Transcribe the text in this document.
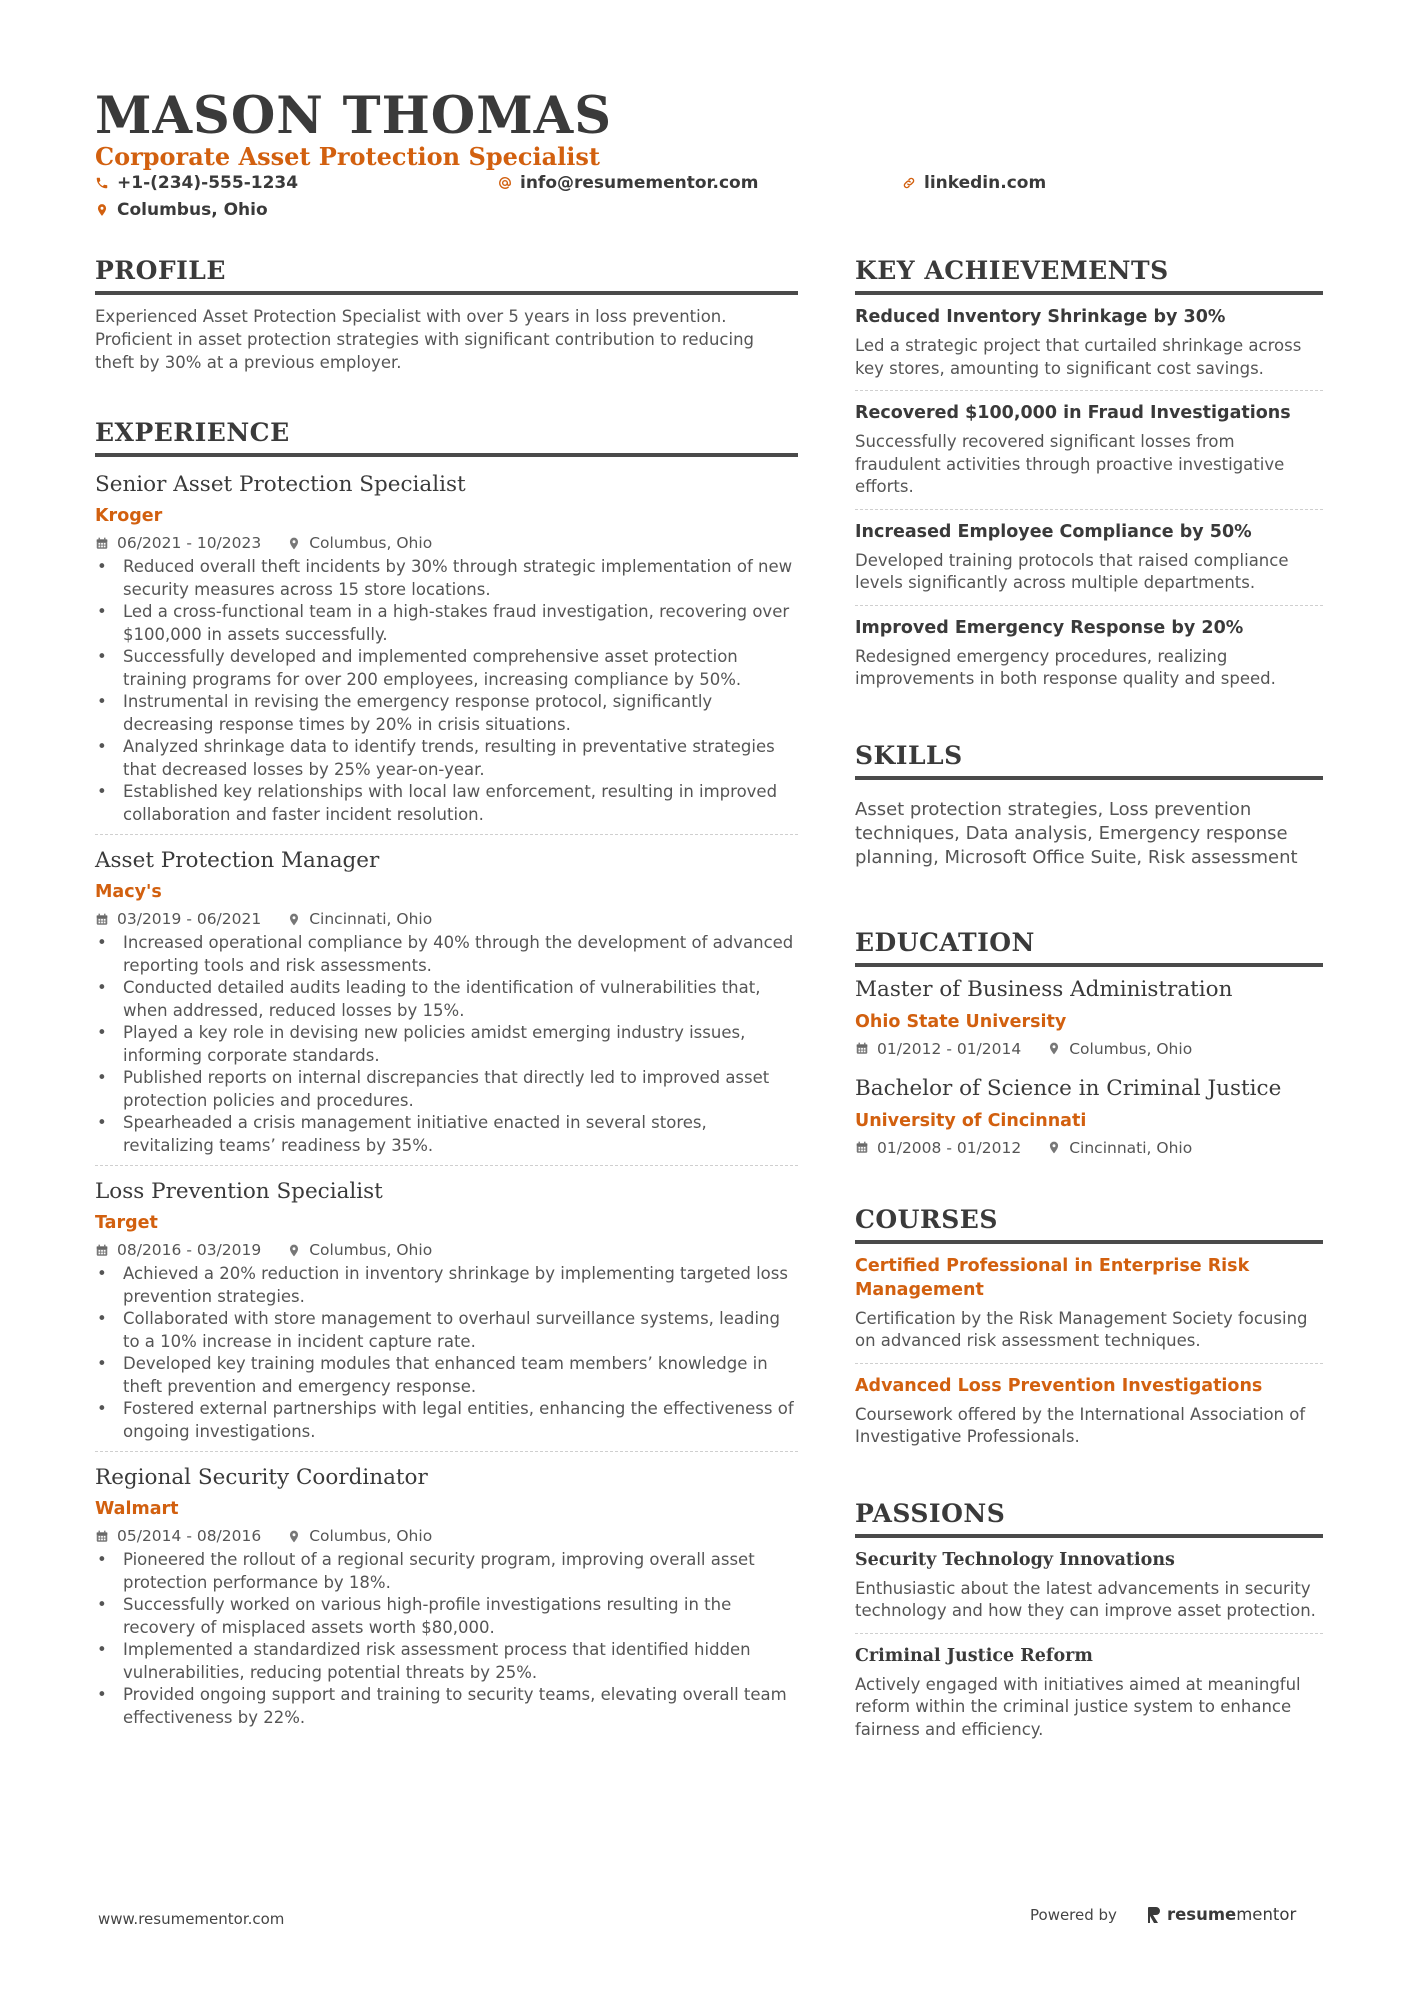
MASON THOMAS
Corporate Asset Protection Specialist
+1-(234)-555-1234	info@resumementor.com	linkedin.com
Columbus, Ohio
PROFILE
Experienced Asset Protection Specialist with over 5 years in loss prevention. Proficient in asset protection strategies with significant contribution to reducing theft by 30% at a previous employer.
EXPERIENCE
Senior Asset Protection Specialist
Kroger
06/2021 - 10/2023	Columbus, Ohio
• Reduced overall theft incidents by 30% through strategic implementation of new security measures across 15 store locations.
• Led a cross-functional team in a high-stakes fraud investigation, recovering over $100,000 in assets successfully.
• Successfully developed and implemented comprehensive asset protection training programs for over 200 employees, increasing compliance by 50%.
• Instrumental in revising the emergency response protocol, significantly decreasing response times by 20% in crisis situations.
• Analyzed shrinkage data to identify trends, resulting in preventative strategies that decreased losses by 25% year-on-year.
• Established key relationships with local law enforcement, resulting in improved collaboration and faster incident resolution.
Asset Protection Manager
Macy's
03/2019 - 06/2021	Cincinnati, Ohio
• Increased operational compliance by 40% through the development of advanced reporting tools and risk assessments.
• Conducted detailed audits leading to the identification of vulnerabilities that, when addressed, reduced losses by 15%.
• Played a key role in devising new policies amidst emerging industry issues, informing corporate standards.
• Published reports on internal discrepancies that directly led to improved asset protection policies and procedures.
• Spearheaded a crisis management initiative enacted in several stores, revitalizing teams’ readiness by 35%.
Loss Prevention Specialist
Target
08/2016 - 03/2019	Columbus, Ohio
• Achieved a 20% reduction in inventory shrinkage by implementing targeted loss prevention strategies.
• Collaborated with store management to overhaul surveillance systems, leading to a 10% increase in incident capture rate.
• Developed key training modules that enhanced team members’ knowledge in theft prevention and emergency response.
• Fostered external partnerships with legal entities, enhancing the effectiveness of ongoing investigations.
Regional Security Coordinator
Walmart
05/2014 - 08/2016	Columbus, Ohio
• Pioneered the rollout of a regional security program, improving overall asset protection performance by 18%.
• Successfully worked on various high-profile investigations resulting in the recovery of misplaced assets worth $80,000.
• Implemented a standardized risk assessment process that identified hidden vulnerabilities, reducing potential threats by 25%.
• Provided ongoing support and training to security teams, elevating overall team effectiveness by 22%.
KEY ACHIEVEMENTS
Reduced Inventory Shrinkage by 30%
Led a strategic project that curtailed shrinkage across key stores, amounting to significant cost savings.
Recovered $100,000 in Fraud Investigations
Successfully recovered significant losses from fraudulent activities through proactive investigative efforts.
Increased Employee Compliance by 50%
Developed training protocols that raised compliance levels significantly across multiple departments.
Improved Emergency Response by 20%
Redesigned emergency procedures, realizing improvements in both response quality and speed.
SKILLS
Asset protection strategies, Loss prevention techniques, Data analysis, Emergency response planning, Microsoft Office Suite, Risk assessment
EDUCATION
Master of Business Administration
Ohio State University
01/2012 - 01/2014	Columbus, Ohio
Bachelor of Science in Criminal Justice
University of Cincinnati
01/2008 - 01/2012	Cincinnati, Ohio
COURSES
Certified Professional in Enterprise Risk Management
Certification by the Risk Management Society focusing on advanced risk assessment techniques.
Advanced Loss Prevention Investigations
Coursework offered by the International Association of Investigative Professionals.
PASSIONS
Security Technology Innovations
Enthusiastic about the latest advancements in security technology and how they can improve asset protection.
Criminal Justice Reform
Actively engaged with initiatives aimed at meaningful reform within the criminal justice system to enhance fairness and efficiency.
www.resumementor.com	Powered by	resume mentor
